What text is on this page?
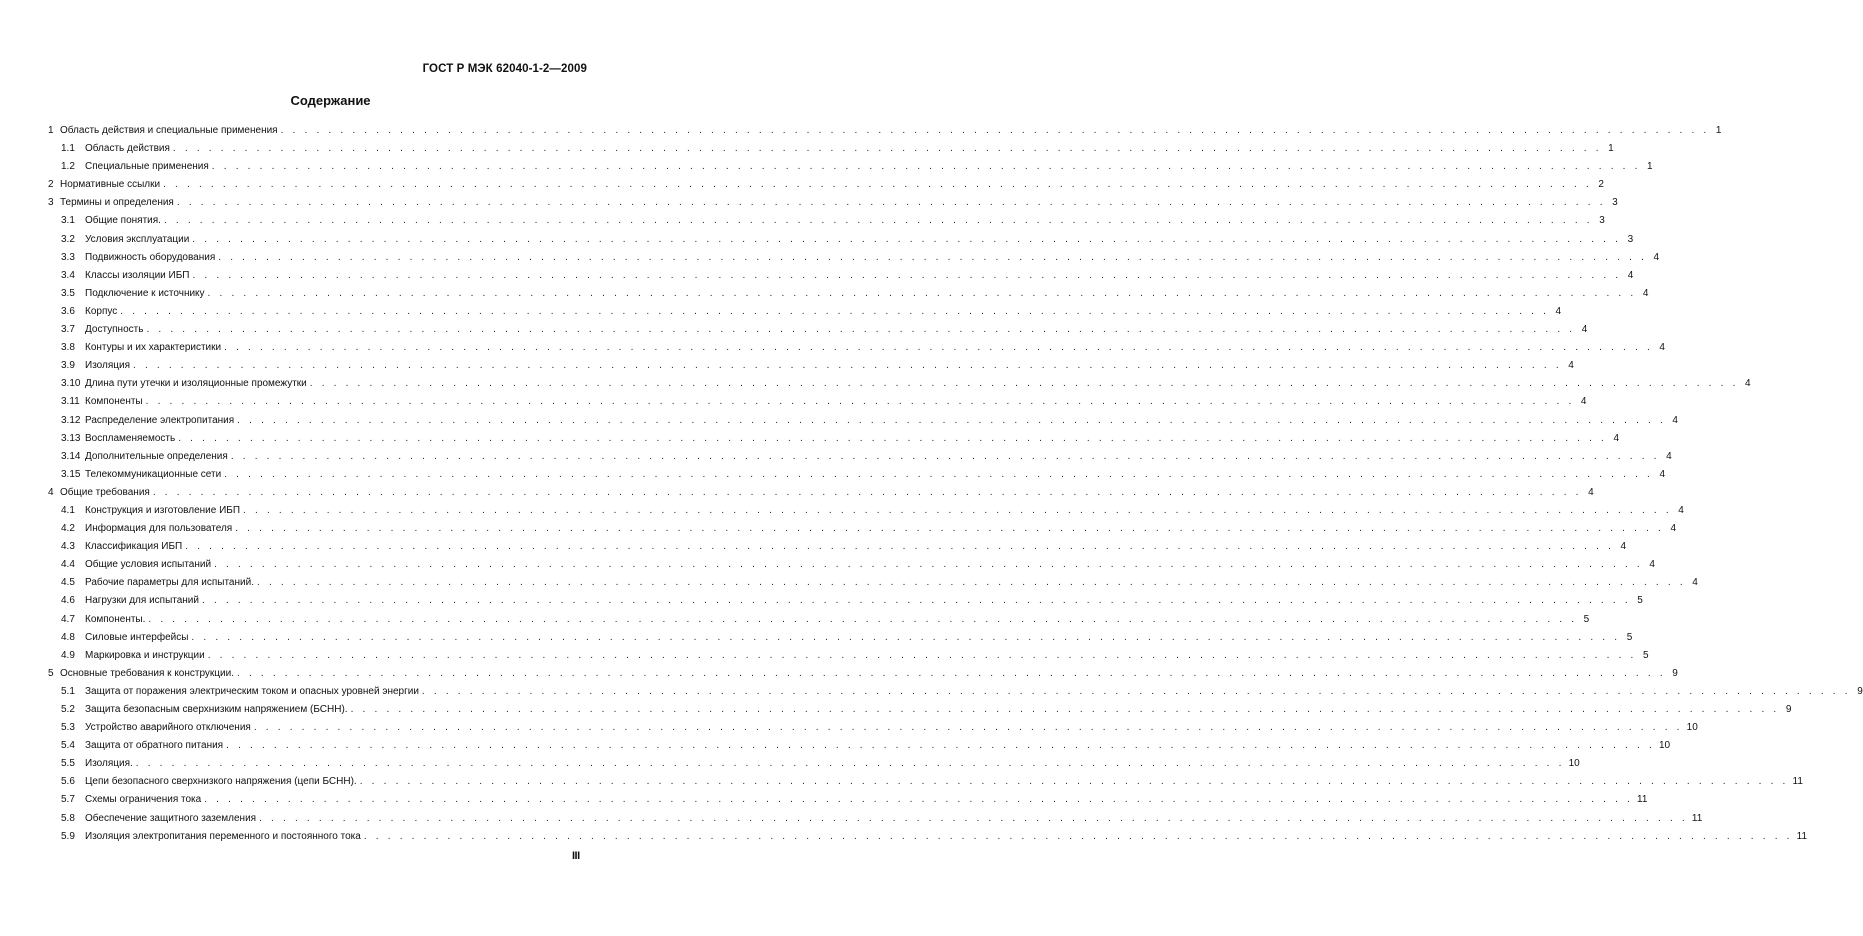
ГОСТ Р МЭК 62040-1-2—2009
Содержание
1 Область действия и специальные применения . . . . . . . . . . . . . . . . . . . . . . . . . . . . . . . . . . . . . . . . . . . . . . . . . . . . . . . . . . . . . . . . . . . . . . . . . . . . . . . . . . . . . . . . . . . . . . . . . . . . . . . . . . . . . . . . . . . . . . . . 1
1.1	Область действия . . . . . . . . . . . . . . . . . . . . . . . . . . . . . . . . . . . . . . . . . . . . . . . . . . . . . . . . . . . . . . . . . . . . . . . . . . . . . . . . . . . . . . . . . . . . . . . . . . . . . . . . . . . . . . . . . . . . . . . . 1
1.2	Специальные применения . . . . . . . . . . . . . . . . . . . . . . . . . . . . . . . . . . . . . . . . . . . . . . . . . . . . . . . . . . . . . . . . . . . . . . . . . . . . . . . . . . . . . . . . . . . . . . . . . . . . . . . . . . . . . . . . . . . . . . . . 1
2 Нормативные ссылки . . . . . . . . . . . . . . . . . . . . . . . . . . . . . . . . . . . . . . . . . . . . . . . . . . . . . . . . . . . . . . . . . . . . . . . . . . . . . . . . . . . . . . . . . . . . . . . . . . . . . . . . . . . . . . . . . . . . . . . . 2
3 Термины и определения . . . . . . . . . . . . . . . . . . . . . . . . . . . . . . . . . . . . . . . . . . . . . . . . . . . . . . . . . . . . . . . . . . . . . . . . . . . . . . . . . . . . . . . . . . . . . . . . . . . . . . . . . . . . . . . . . . . . . . . . 3
3.1	Общие понятия. . . . . . . . . . . . . . . . . . . . . . . . . . . . . . . . . . . . . . . . . . . . . . . . . . . . . . . . . . . . . . . . . . . . . . . . . . . . . . . . . . . . . . . . . . . . . . . . . . . . . . . . . . . . . . . . . . . . . . . . . 3
3.2	Условия эксплуатации . . . . . . . . . . . . . . . . . . . . . . . . . . . . . . . . . . . . . . . . . . . . . . . . . . . . . . . . . . . . . . . . . . . . . . . . . . . . . . . . . . . . . . . . . . . . . . . . . . . . . . . . . . . . . . . . . . . . . . . . 3
3.3	Подвижность оборудования . . . . . . . . . . . . . . . . . . . . . . . . . . . . . . . . . . . . . . . . . . . . . . . . . . . . . . . . . . . . . . . . . . . . . . . . . . . . . . . . . . . . . . . . . . . . . . . . . . . . . . . . . . . . . . . . . . . . . . . . 4
3.4	Классы изоляции ИБП . . . . . . . . . . . . . . . . . . . . . . . . . . . . . . . . . . . . . . . . . . . . . . . . . . . . . . . . . . . . . . . . . . . . . . . . . . . . . . . . . . . . . . . . . . . . . . . . . . . . . . . . . . . . . . . . . . . . . . . . 4
3.5	Подключение к источнику . . . . . . . . . . . . . . . . . . . . . . . . . . . . . . . . . . . . . . . . . . . . . . . . . . . . . . . . . . . . . . . . . . . . . . . . . . . . . . . . . . . . . . . . . . . . . . . . . . . . . . . . . . . . . . . . . . . . . . . . 4
3.6	Корпус . . . . . . . . . . . . . . . . . . . . . . . . . . . . . . . . . . . . . . . . . . . . . . . . . . . . . . . . . . . . . . . . . . . . . . . . . . . . . . . . . . . . . . . . . . . . . . . . . . . . . . . . . . . . . . . . . . . . . . . . 4
3.7	Доступность . . . . . . . . . . . . . . . . . . . . . . . . . . . . . . . . . . . . . . . . . . . . . . . . . . . . . . . . . . . . . . . . . . . . . . . . . . . . . . . . . . . . . . . . . . . . . . . . . . . . . . . . . . . . . . . . . . . . . . . . 4
3.8	Контуры и их характеристики . . . . . . . . . . . . . . . . . . . . . . . . . . . . . . . . . . . . . . . . . . . . . . . . . . . . . . . . . . . . . . . . . . . . . . . . . . . . . . . . . . . . . . . . . . . . . . . . . . . . . . . . . . . . . . . . . . . . . . . . 4
3.9	Изоляция . . . . . . . . . . . . . . . . . . . . . . . . . . . . . . . . . . . . . . . . . . . . . . . . . . . . . . . . . . . . . . . . . . . . . . . . . . . . . . . . . . . . . . . . . . . . . . . . . . . . . . . . . . . . . . . . . . . . . . . . 4
3.10 Длина пути утечки и изоляционные промежутки . . . . . . . . . . . . . . . . . . . . . . . . . . . . . . . . . . . . . . . . . . . . . . . . . . . . . . . . . . . . . . . . . . . . . . . . . . . . . . . . . . . . . . . . . . . . . . . . . . . . . . . . . . . . . . . . . . . . . . . . 4
3.11 Компоненты . . . . . . . . . . . . . . . . . . . . . . . . . . . . . . . . . . . . . . . . . . . . . . . . . . . . . . . . . . . . . . . . . . . . . . . . . . . . . . . . . . . . . . . . . . . . . . . . . . . . . . . . . . . . . . . . . . . . . . . . 4
3.12 Распределение электропитания . . . . . . . . . . . . . . . . . . . . . . . . . . . . . . . . . . . . . . . . . . . . . . . . . . . . . . . . . . . . . . . . . . . . . . . . . . . . . . . . . . . . . . . . . . . . . . . . . . . . . . . . . . . . . . . . . . . . . . . . 4
3.13 Воспламеняемость . . . . . . . . . . . . . . . . . . . . . . . . . . . . . . . . . . . . . . . . . . . . . . . . . . . . . . . . . . . . . . . . . . . . . . . . . . . . . . . . . . . . . . . . . . . . . . . . . . . . . . . . . . . . . . . . . . . . . . . . 4
3.14 Дополнительные определения . . . . . . . . . . . . . . . . . . . . . . . . . . . . . . . . . . . . . . . . . . . . . . . . . . . . . . . . . . . . . . . . . . . . . . . . . . . . . . . . . . . . . . . . . . . . . . . . . . . . . . . . . . . . . . . . . . . . . . . . 4
3.15 Телекоммуникационные сети . . . . . . . . . . . . . . . . . . . . . . . . . . . . . . . . . . . . . . . . . . . . . . . . . . . . . . . . . . . . . . . . . . . . . . . . . . . . . . . . . . . . . . . . . . . . . . . . . . . . . . . . . . . . . . . . . . . . . . . . 4
4 Общие требования . . . . . . . . . . . . . . . . . . . . . . . . . . . . . . . . . . . . . . . . . . . . . . . . . . . . . . . . . . . . . . . . . . . . . . . . . . . . . . . . . . . . . . . . . . . . . . . . . . . . . . . . . . . . . . . . . . . . . . . . 4
4.1	Конструкция и изготовление ИБП . . . . . . . . . . . . . . . . . . . . . . . . . . . . . . . . . . . . . . . . . . . . . . . . . . . . . . . . . . . . . . . . . . . . . . . . . . . . . . . . . . . . . . . . . . . . . . . . . . . . . . . . . . . . . . . . . . . . . . . . 4
4.2	Информация для пользователя . . . . . . . . . . . . . . . . . . . . . . . . . . . . . . . . . . . . . . . . . . . . . . . . . . . . . . . . . . . . . . . . . . . . . . . . . . . . . . . . . . . . . . . . . . . . . . . . . . . . . . . . . . . . . . . . . . . . . . . . 4
4.3	Классификация ИБП . . . . . . . . . . . . . . . . . . . . . . . . . . . . . . . . . . . . . . . . . . . . . . . . . . . . . . . . . . . . . . . . . . . . . . . . . . . . . . . . . . . . . . . . . . . . . . . . . . . . . . . . . . . . . . . . . . . . . . . . 4
4.4	Общие условия испытаний . . . . . . . . . . . . . . . . . . . . . . . . . . . . . . . . . . . . . . . . . . . . . . . . . . . . . . . . . . . . . . . . . . . . . . . . . . . . . . . . . . . . . . . . . . . . . . . . . . . . . . . . . . . . . . . . . . . . . . . . 4
4.5	Рабочие параметры для испытаний. . . . . . . . . . . . . . . . . . . . . . . . . . . . . . . . . . . . . . . . . . . . . . . . . . . . . . . . . . . . . . . . . . . . . . . . . . . . . . . . . . . . . . . . . . . . . . . . . . . . . . . . . . . . . . . . . . . . . . . . . 4
4.6	Нагрузки для испытаний . . . . . . . . . . . . . . . . . . . . . . . . . . . . . . . . . . . . . . . . . . . . . . . . . . . . . . . . . . . . . . . . . . . . . . . . . . . . . . . . . . . . . . . . . . . . . . . . . . . . . . . . . . . . . . . . . . . . . . . . 5
4.7	Компоненты. . . . . . . . . . . . . . . . . . . . . . . . . . . . . . . . . . . . . . . . . . . . . . . . . . . . . . . . . . . . . . . . . . . . . . . . . . . . . . . . . . . . . . . . . . . . . . . . . . . . . . . . . . . . . . . . . . . . . . . . . 5
4.8	Силовые интерфейсы . . . . . . . . . . . . . . . . . . . . . . . . . . . . . . . . . . . . . . . . . . . . . . . . . . . . . . . . . . . . . . . . . . . . . . . . . . . . . . . . . . . . . . . . . . . . . . . . . . . . . . . . . . . . . . . . . . . . . . . . 5
4.9	Маркировка и инструкции . . . . . . . . . . . . . . . . . . . . . . . . . . . . . . . . . . . . . . . . . . . . . . . . . . . . . . . . . . . . . . . . . . . . . . . . . . . . . . . . . . . . . . . . . . . . . . . . . . . . . . . . . . . . . . . . . . . . . . . . 5
5 Основные требования к конструкции. . . . . . . . . . . . . . . . . . . . . . . . . . . . . . . . . . . . . . . . . . . . . . . . . . . . . . . . . . . . . . . . . . . . . . . . . . . . . . . . . . . . . . . . . . . . . . . . . . . . . . . . . . . . . . . . . . . . . . . . . 9
5.1	Защита от поражения электрическим током и опасных уровней энергии . . . . . . . . . . . . . . . . . . . . . . . . . . . . . . . . . . . . . . . . . . . . . . . . . . . . . . . . . . . . . . . . . . . . . . . . . . . . . . . . . . . . . . . . . . . . . . . . . . . . . . . . . . . . . . . . . . . . . . . . 9
5.2	Защита безопасным сверхнизким напряжением (БСНН). . . . . . . . . . . . . . . . . . . . . . . . . . . . . . . . . . . . . . . . . . . . . . . . . . . . . . . . . . . . . . . . . . . . . . . . . . . . . . . . . . . . . . . . . . . . . . . . . . . . . . . . . . . . . . . . . . . . . . . . . 9
5.3	Устройство аварийного отключения . . . . . . . . . . . . . . . . . . . . . . . . . . . . . . . . . . . . . . . . . . . . . . . . . . . . . . . . . . . . . . . . . . . . . . . . . . . . . . . . . . . . . . . . . . . . . . . . . . . . . . . . . . . . . . . . . . . . . . . . 10
5.4	Защита от обратного питания . . . . . . . . . . . . . . . . . . . . . . . . . . . . . . . . . . . . . . . . . . . . . . . . . . . . . . . . . . . . . . . . . . . . . . . . . . . . . . . . . . . . . . . . . . . . . . . . . . . . . . . . . . . . . . . . . . . . . . . . 10
5.5	Изоляция. . . . . . . . . . . . . . . . . . . . . . . . . . . . . . . . . . . . . . . . . . . . . . . . . . . . . . . . . . . . . . . . . . . . . . . . . . . . . . . . . . . . . . . . . . . . . . . . . . . . . . . . . . . . . . . . . . . . . . . . . 10
5.6	Цепи безопасного сверхнизкого напряжения (цепи БСНН). . . . . . . . . . . . . . . . . . . . . . . . . . . . . . . . . . . . . . . . . . . . . . . . . . . . . . . . . . . . . . . . . . . . . . . . . . . . . . . . . . . . . . . . . . . . . . . . . . . . . . . . . . . . . . . . . . . . . . . . . 11
5.7	Схемы ограничения тока . . . . . . . . . . . . . . . . . . . . . . . . . . . . . . . . . . . . . . . . . . . . . . . . . . . . . . . . . . . . . . . . . . . . . . . . . . . . . . . . . . . . . . . . . . . . . . . . . . . . . . . . . . . . . . . . . . . . . . . . 11
5.8	Обеспечение защитного заземления . . . . . . . . . . . . . . . . . . . . . . . . . . . . . . . . . . . . . . . . . . . . . . . . . . . . . . . . . . . . . . . . . . . . . . . . . . . . . . . . . . . . . . . . . . . . . . . . . . . . . . . . . . . . . . . . . . . . . . . . 11
5.9	Изоляция электропитания переменного и постоянного тока . . . . . . . . . . . . . . . . . . . . . . . . . . . . . . . . . . . . . . . . . . . . . . . . . . . . . . . . . . . . . . . . . . . . . . . . . . . . . . . . . . . . . . . . . . . . . . . . . . . . . . . . . . . . . . . . . . . . . . . . 11
III
